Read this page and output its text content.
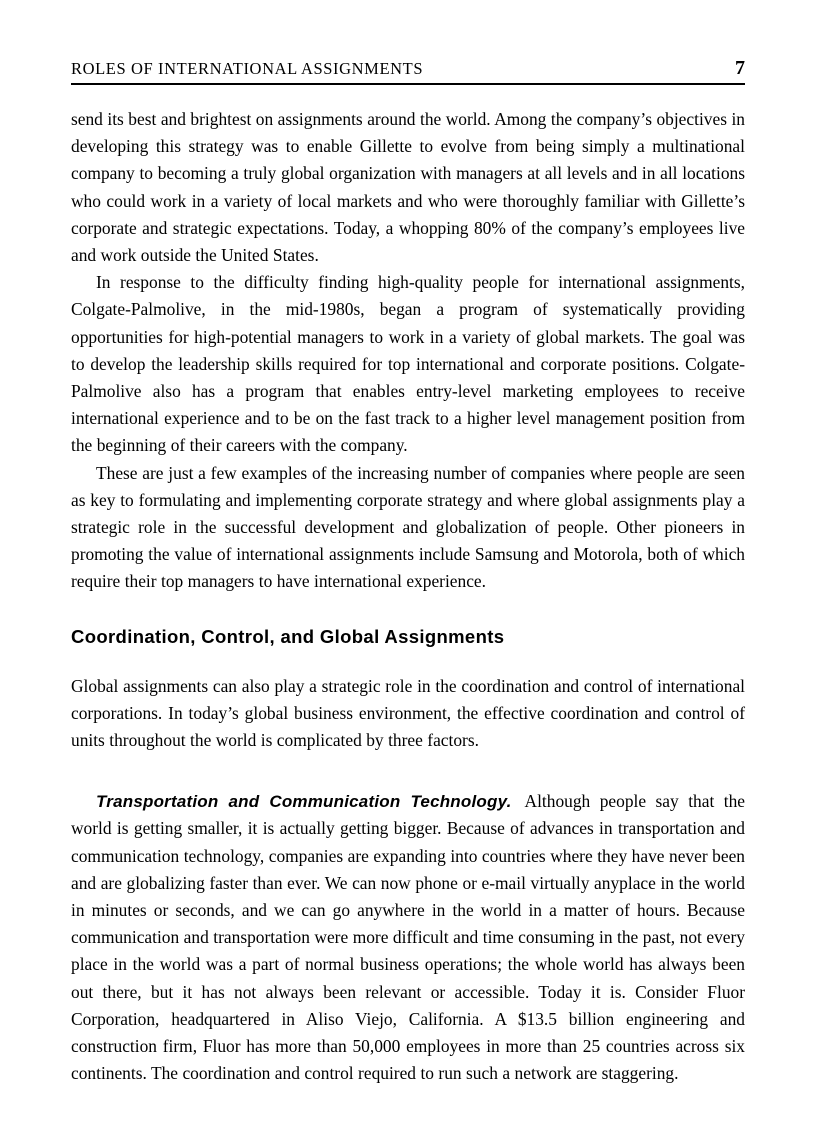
ROLES OF INTERNATIONAL ASSIGNMENTS	7

send its best and brightest on assignments around the world. Among the company’s objectives in developing this strategy was to enable Gillette to evolve from being simply a multinational company to becoming a truly global organization with managers at all levels and in all locations who could work in a variety of local markets and who were thoroughly familiar with Gillette’s corporate and strategic expectations. Today, a whopping 80% of the company’s employees live and work outside the United States.

In response to the difficulty finding high-quality people for international assignments, Colgate-Palmolive, in the mid-1980s, began a program of systematically providing opportunities for high-potential managers to work in a variety of global markets. The goal was to develop the leadership skills required for top international and corporate positions. Colgate-Palmolive also has a program that enables entry-level marketing employees to receive international experience and to be on the fast track to a higher level management position from the beginning of their careers with the company.

These are just a few examples of the increasing number of companies where people are seen as key to formulating and implementing corporate strategy and where global assignments play a strategic role in the successful development and globalization of people. Other pioneers in promoting the value of international assignments include Samsung and Motorola, both of which require their top managers to have international experience.

Coordination, Control, and Global Assignments

Global assignments can also play a strategic role in the coordination and control of international corporations. In today’s global business environment, the effective coordination and control of units throughout the world is complicated by three factors.

Transportation and Communication Technology. Although people say that the world is getting smaller, it is actually getting bigger. Because of advances in transportation and communication technology, companies are expanding into countries where they have never been and are globalizing faster than ever. We can now phone or e-mail virtually anyplace in the world in minutes or seconds, and we can go anywhere in the world in a matter of hours. Because communication and transportation were more difficult and time consuming in the past, not every place in the world was a part of normal business operations; the whole world has always been out there, but it has not always been relevant or accessible. Today it is. Consider Fluor Corporation, headquartered in Aliso Viejo, California. A $13.5 billion engineering and construction firm, Fluor has more than 50,000 employees in more than 25 countries across six continents. The coordination and control required to run such a network are staggering.
